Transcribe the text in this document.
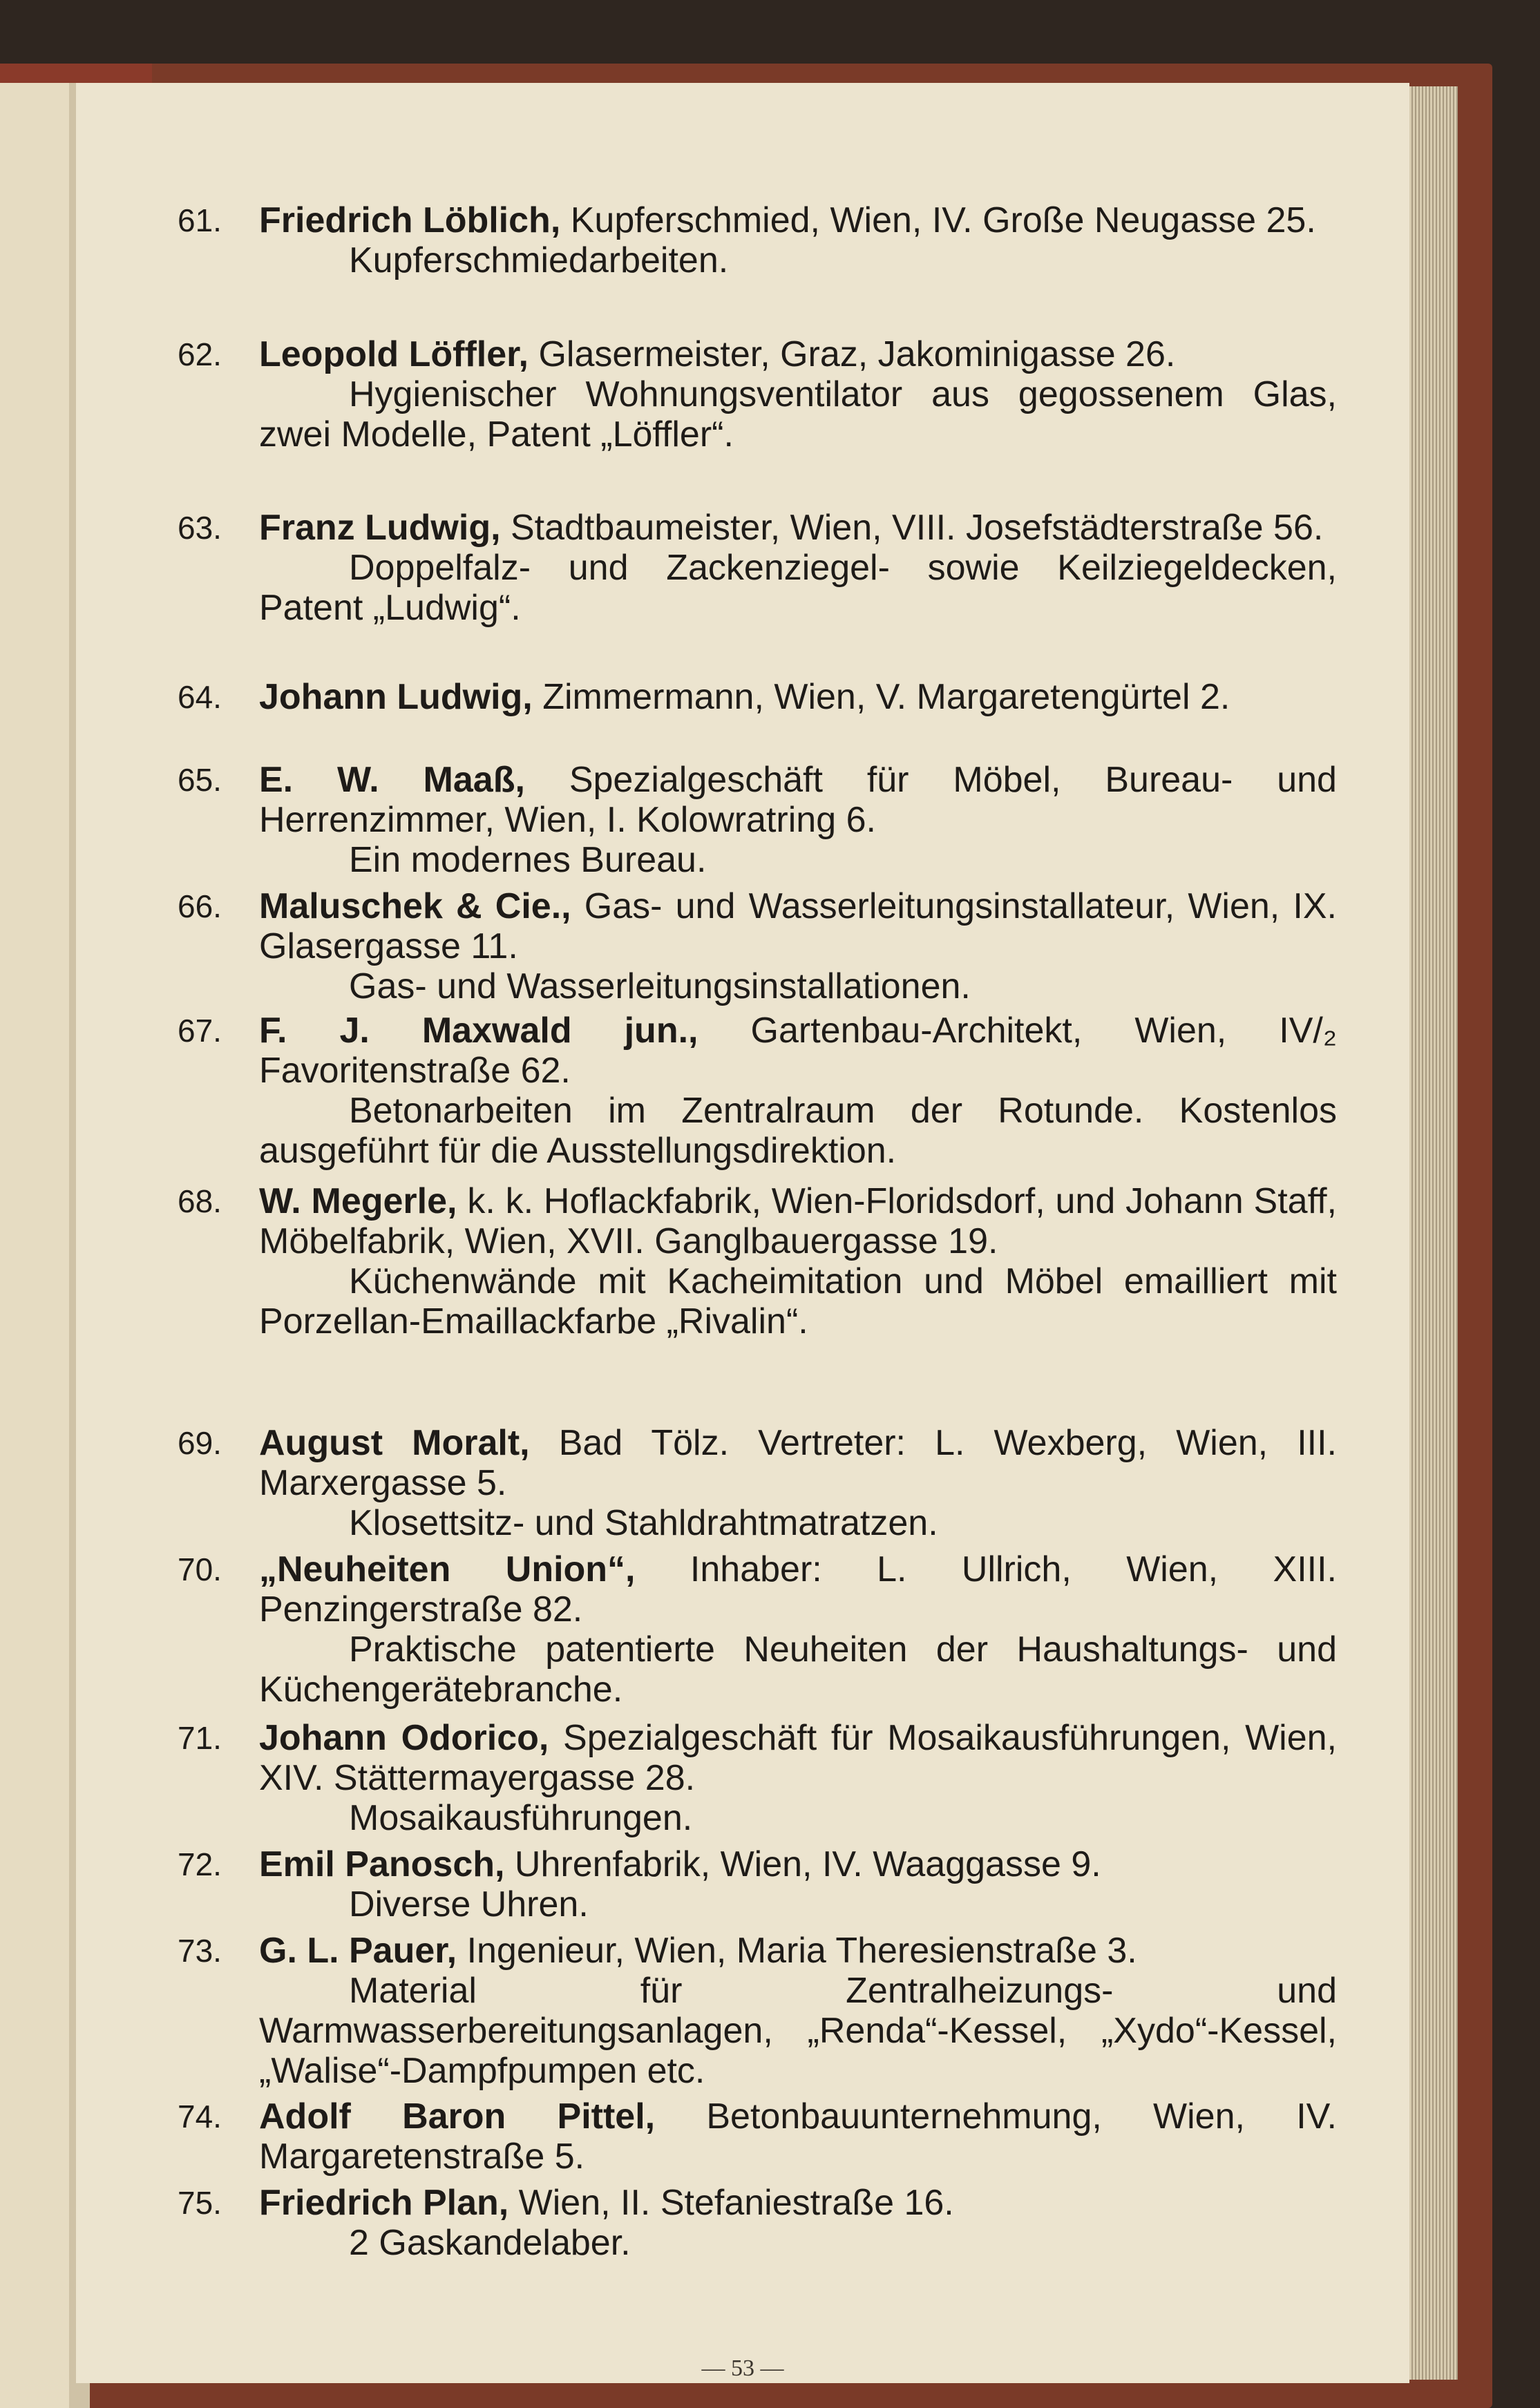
61. Friedrich Löblich, Kupferschmied, Wien, IV. Große Neugasse 25.

Kupferschmiedarbeiten.

62. Leopold Löffler, Glasermeister, Graz, Jakominigasse 26.

Hygienischer Wohnungsventilator aus gegossenem Glas, zwei Modelle, Patent „Löffler“.

63. Franz Ludwig, Stadtbaumeister, Wien, VIII. Josefstädterstraße 56.

Doppelfalz- und Zackenziegel- sowie Keilziegeldecken, Patent „Ludwig“.

64. Johann Ludwig, Zimmermann, Wien, V. Margaretengürtel 2.

65. E. W. Maaß, Spezialgeschäft für Möbel, Bureau- und Herrenzimmer, Wien, I. Kolowratring 6.

Ein modernes Bureau.

66. Maluschek & Cie., Gas- und Wasserleitungsinstallateur, Wien, IX. Glasergasse 11.

Gas- und Wasserleitungsinstallationen.

67. F. J. Maxwald jun., Gartenbau-Architekt, Wien, IV/₂ Favoritenstraße 62.

Betonarbeiten im Zentralraum der Rotunde. Kostenlos ausgeführt für die Ausstellungsdirektion.

68. W. Megerle, k. k. Hoflackfabrik, Wien-Floridsdorf, und Johann Staff, Möbelfabrik, Wien, XVII. Ganglbauergasse 19.

Küchenwände mit Kacheimitation und Möbel emailliert mit Porzellan-Emaillackfarbe „Rivalin“.

69. August Moralt, Bad Tölz. Vertreter: L. Wexberg, Wien, III. Marxergasse 5.

Klosettsitz- und Stahldrahtmatratzen.

70. „Neuheiten Union“, Inhaber: L. Ullrich, Wien, XIII. Penzingerstraße 82.

Praktische patentierte Neuheiten der Haushaltungs- und Küchengerätebranche.

71. Johann Odorico, Spezialgeschäft für Mosaikausführungen, Wien, XIV. Stättermayergasse 28.

Mosaikausführungen.

72. Emil Panosch, Uhrenfabrik, Wien, IV. Waaggasse 9.

Diverse Uhren.

73. G. L. Pauer, Ingenieur, Wien, Maria Theresienstraße 3.

Material für Zentralheizungs- und Warmwasserbereitungsanlagen, „Renda“-Kessel, „Xydo“-Kessel, „Walise“-Dampfpumpen etc.

74. Adolf Baron Pittel, Betonbauunternehmung, Wien, IV. Margaretenstraße 5.

75. Friedrich Plan, Wien, II. Stefaniestraße 16.

2 Gaskandelaber.

— 53 —
